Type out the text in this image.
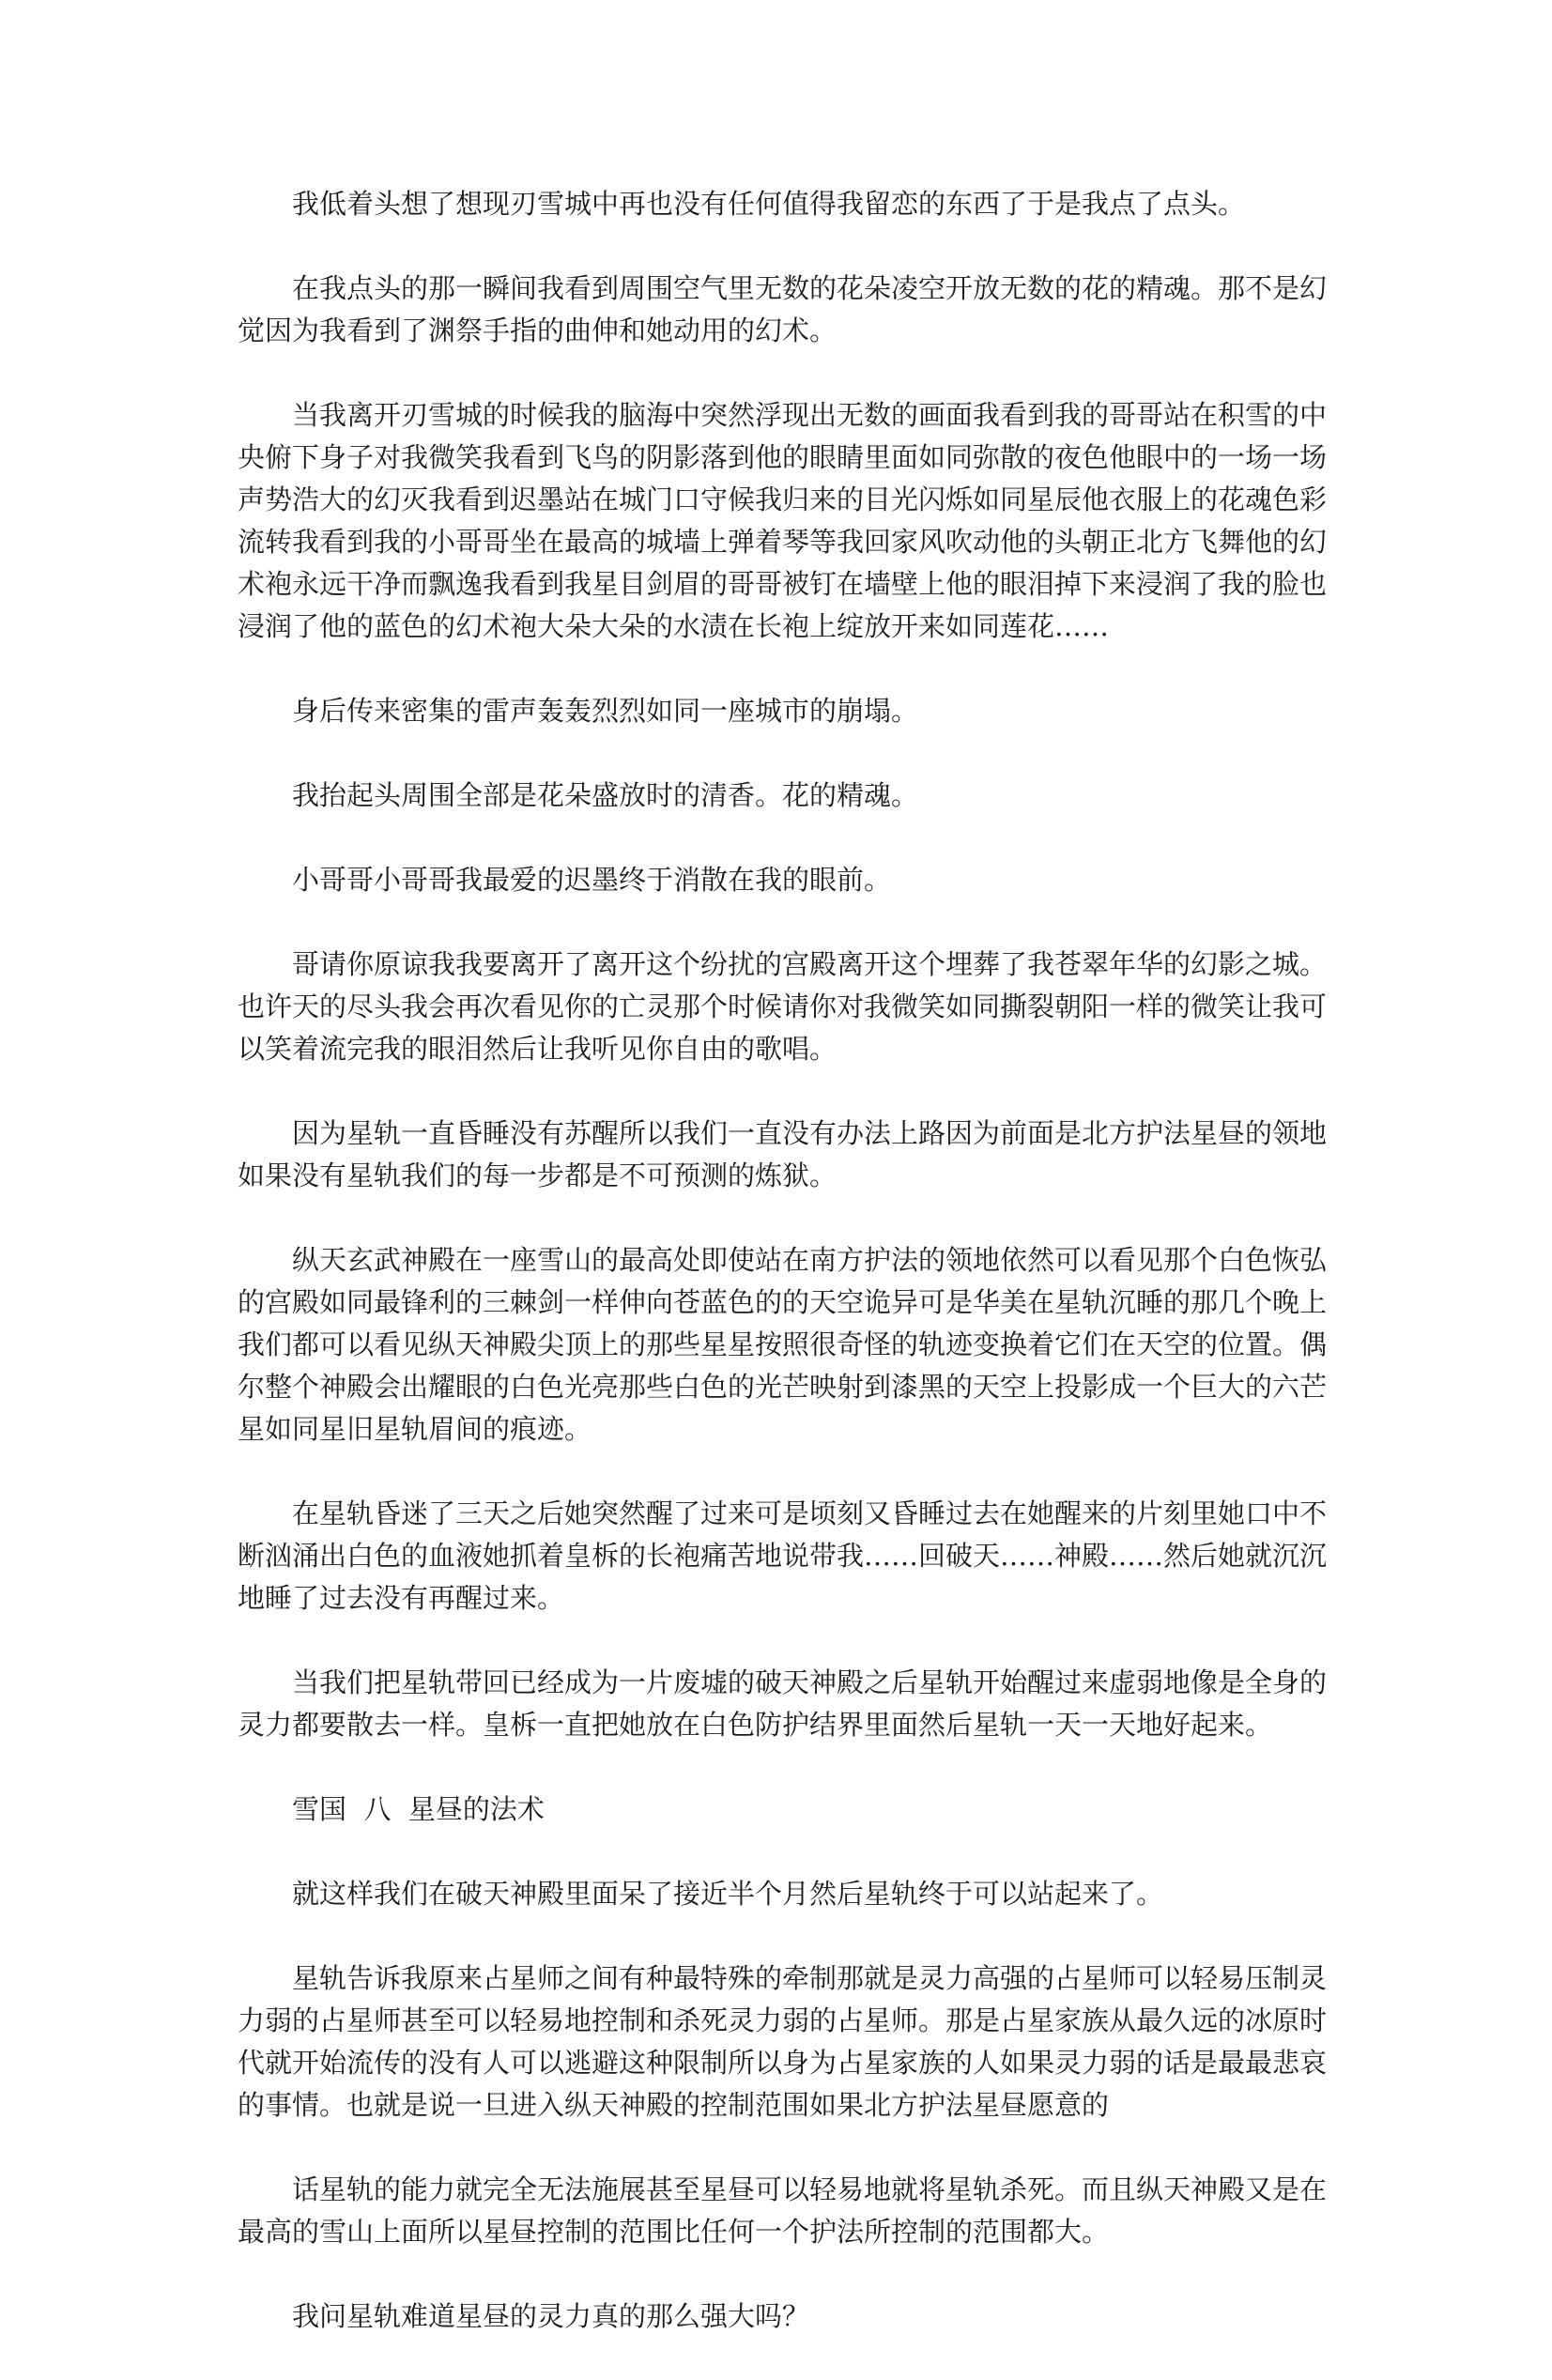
我低着头想了想现刃雪城中再也没有任何值得我留恋的东西了于是我点了点头。

在我点头的那一瞬间我看到周围空气里无数的花朵凌空开放无数的花的精魂。那不是幻觉因为我看到了渊祭手指的曲伸和她动用的幻术。

当我离开刃雪城的时候我的脑海中突然浮现出无数的画面我看到我的哥哥站在积雪的中央俯下身子对我微笑我看到飞鸟的阴影落到他的眼睛里面如同弥散的夜色他眼中的一场一场声势浩大的幻灭我看到迟墨站在城门口守候我归来的目光闪烁如同星辰他衣服上的花魂色彩流转我看到我的小哥哥坐在最高的城墙上弹着琴等我回家风吹动他的头朝正北方飞舞他的幻术袍永远干净而飘逸我看到我星目剑眉的哥哥被钉在墙壁上他的眼泪掉下来浸润了我的脸也浸润了他的蓝色的幻术袍大朵大朵的水渍在长袍上绽放开来如同莲花……

身后传来密集的雷声轰轰烈烈如同一座城市的崩塌。

我抬起头周围全部是花朵盛放时的清香。花的精魂。

小哥哥小哥哥我最爱的迟墨终于消散在我的眼前。

哥请你原谅我我要离开了离开这个纷扰的宫殿离开这个埋葬了我苍翠年华的幻影之城。也许天的尽头我会再次看见你的亡灵那个时候请你对我微笑如同撕裂朝阳一样的微笑让我可以笑着流完我的眼泪然后让我听见你自由的歌唱。

因为星轨一直昏睡没有苏醒所以我们一直没有办法上路因为前面是北方护法星昼的领地如果没有星轨我们的每一步都是不可预测的炼狱。

纵天玄武神殿在一座雪山的最高处即使站在南方护法的领地依然可以看见那个白色恢弘的宫殿如同最锋利的三棘剑一样伸向苍蓝色的的天空诡异可是华美在星轨沉睡的那几个晚上我们都可以看见纵天神殿尖顶上的那些星星按照很奇怪的轨迹变换着它们在天空的位置。偶尔整个神殿会出耀眼的白色光亮那些白色的光芒映射到漆黑的天空上投影成一个巨大的六芒星如同星旧星轨眉间的痕迹。

在星轨昏迷了三天之后她突然醒了过来可是顷刻又昏睡过去在她醒来的片刻里她口中不断汹涌出白色的血液她抓着皇柝的长袍痛苦地说带我……回破天……神殿……然后她就沉沉地睡了过去没有再醒过来。

当我们把星轨带回已经成为一片废墟的破天神殿之后星轨开始醒过来虚弱地像是全身的灵力都要散去一样。皇柝一直把她放在白色防护结界里面然后星轨一天一天地好起来。

雪国  八  星昼的法术

就这样我们在破天神殿里面呆了接近半个月然后星轨终于可以站起来了。

星轨告诉我原来占星师之间有种最特殊的牵制那就是灵力高强的占星师可以轻易压制灵力弱的占星师甚至可以轻易地控制和杀死灵力弱的占星师。那是占星家族从最久远的冰原时代就开始流传的没有人可以逃避这种限制所以身为占星家族的人如果灵力弱的话是最最悲哀的事情。也就是说一旦进入纵天神殿的控制范围如果北方护法星昼愿意的

话星轨的能力就完全无法施展甚至星昼可以轻易地就将星轨杀死。而且纵天神殿又是在最高的雪山上面所以星昼控制的范围比任何一个护法所控制的范围都大。

我问星轨难道星昼的灵力真的那么强大吗？
